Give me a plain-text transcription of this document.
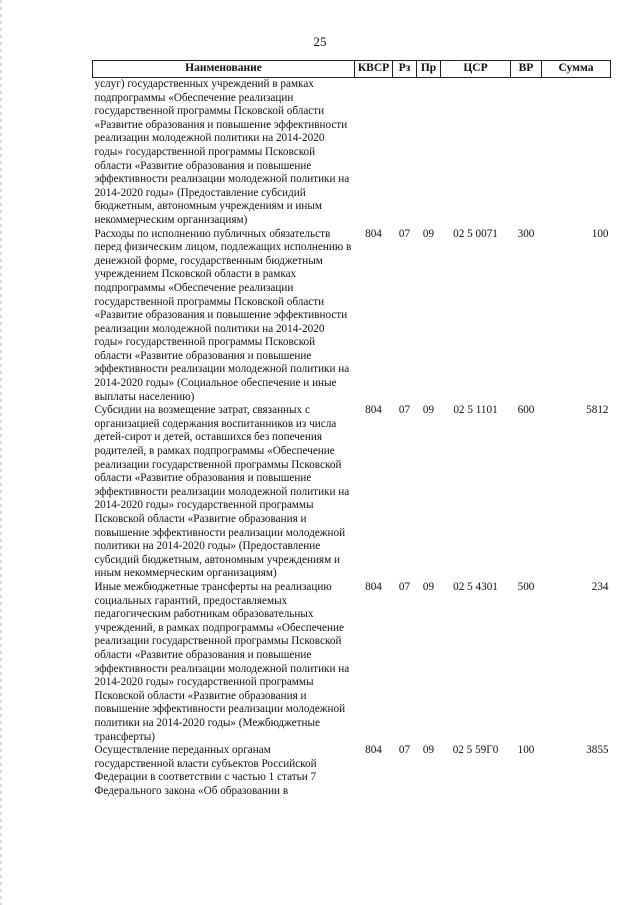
25
Наименование	КВСР	Рз	Пр	ЦСР	ВР	Сумма
услуг) государственных учреждений в рамках подпрограммы «Обеспечение реализации государственной программы Псковской области «Развитие образования и повышение эффективности реализации молодежной политики на 2014-2020 годы» государственной программы Псковской области «Развитие образования и повышение эффективности реализации молодежной политики на 2014-2020 годы» (Предоставление субсидий бюджетным, автономным учреждениям и иным некоммерческим организациям)						
Расходы по исполнению публичных обязательств перед физическим лицом, подлежащих исполнению в денежной форме, государственным бюджетным учреждением Псковской области в рамках подпрограммы «Обеспечение реализации государственной программы Псковской области «Развитие образования и повышение эффективности реализации молодежной политики на 2014-2020 годы» государственной программы Псковской области «Развитие образования и повышение эффективности реализации молодежной политики на 2014-2020 годы» (Социальное обеспечение и иные выплаты населению)	804	07	09	02 5 0071	300	100
Субсидии на возмещение затрат, связанных с организацией содержания воспитанников из числа детей-сирот и детей, оставшихся без попечения родителей, в рамках подпрограммы «Обеспечение реализации государственной программы Псковской области «Развитие образования и повышение эффективности реализации молодежной политики на 2014-2020 годы» государственной программы Псковской области «Развитие образования и повышение эффективности реализации молодежной политики на 2014-2020 годы» (Предоставление субсидий бюджетным, автономным учреждениям и иным некоммерческим организациям)	804	07	09	02 5 1101	600	5812
Иные межбюджетные трансферты на реализацию социальных гарантий, предоставляемых педагогическим работникам образовательных учреждений, в рамках подпрограммы «Обеспечение реализации государственной программы Псковской области «Развитие образования и повышение эффективности реализации молодежной политики на 2014-2020 годы» государственной программы Псковской области «Развитие образования и повышение эффективности реализации молодежной политики на 2014-2020 годы» (Межбюджетные трансферты)	804	07	09	02 5 4301	500	234
Осуществление переданных органам государственной власти субъектов Российской Федерации в соответствии с частью 1 статьи 7 Федерального закона «Об образовании в	804	07	09	02 5 59Г0	100	3855
